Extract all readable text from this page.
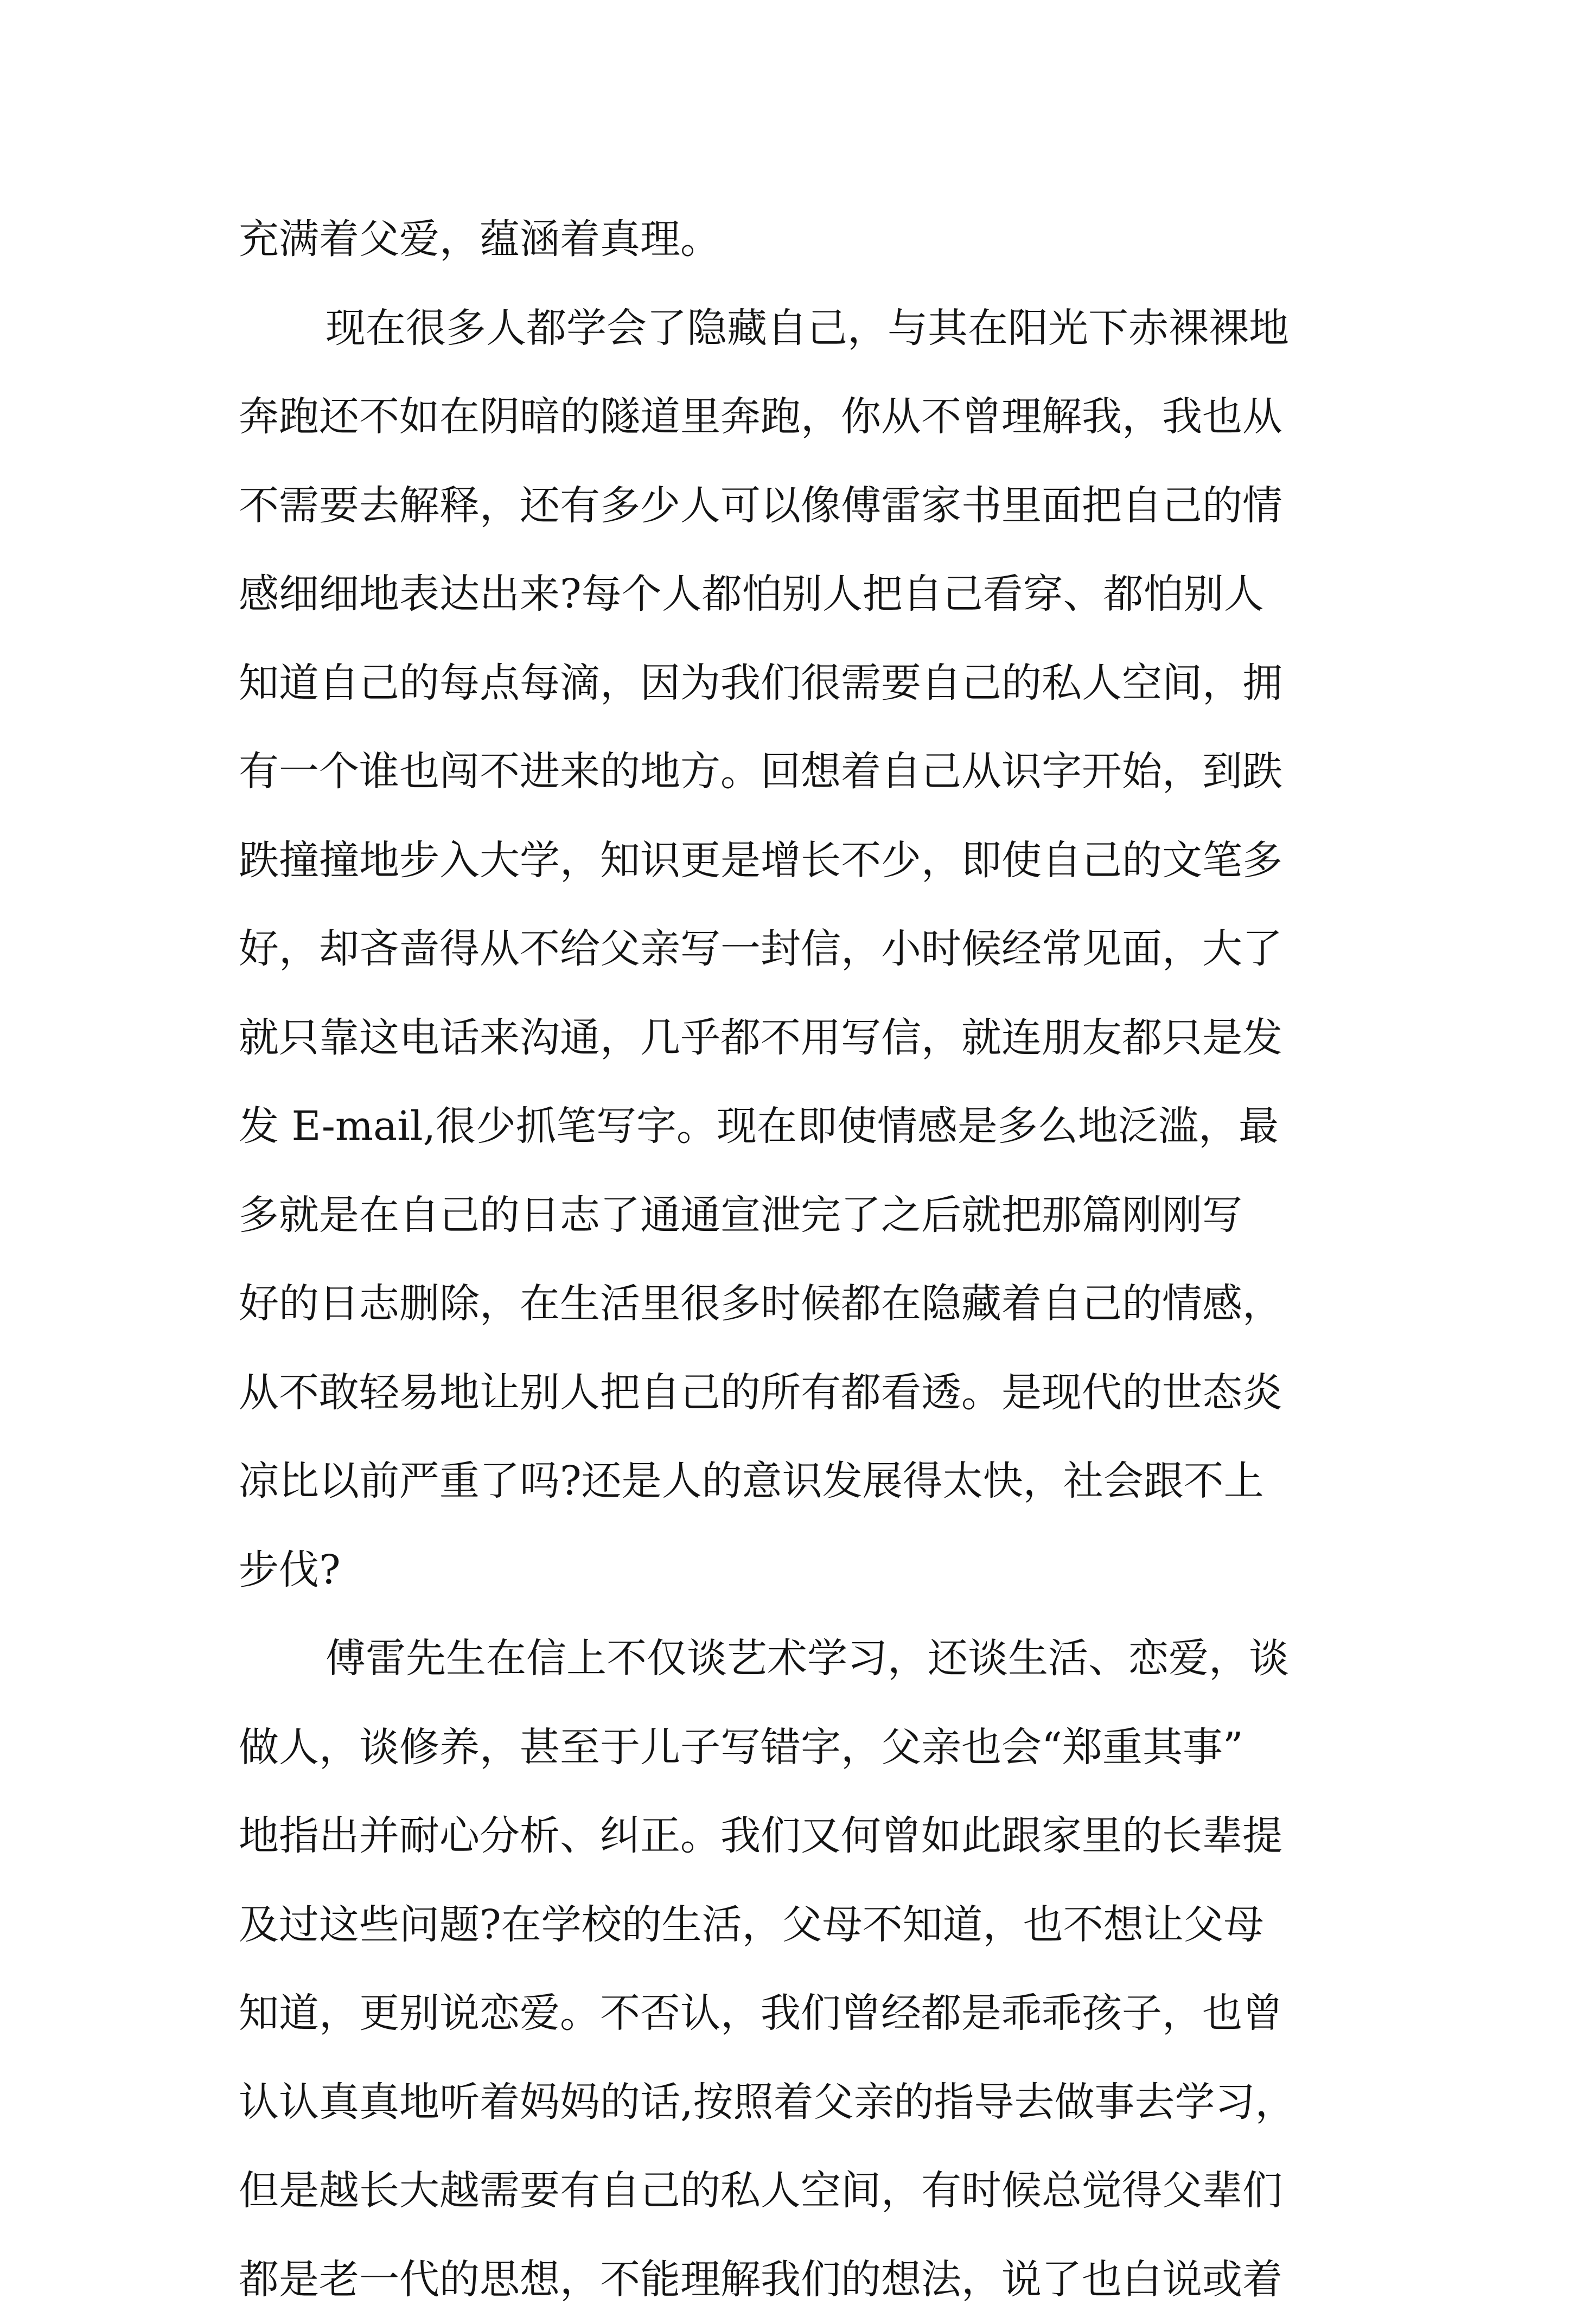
充满着父爱，蕴涵着真理。
现在很多人都学会了隐藏自己，与其在阳光下赤裸裸地
奔跑还不如在阴暗的隧道里奔跑，你从不曾理解我，我也从
不需要去解释，还有多少人可以像傅雷家书里面把自己的情
感细细地表达出来?每个人都怕别人把自己看穿、都怕别人
知道自己的每点每滴，因为我们很需要自己的私人空间，拥
有一个谁也闯不进来的地方。回想着自己从识字开始，到跌
跌撞撞地步入大学，知识更是增长不少，即使自己的文笔多
好，却吝啬得从不给父亲写一封信，小时候经常见面，大了
就只靠这电话来沟通，几乎都不用写信，就连朋友都只是发
发 E-mail,很少抓笔写字。现在即使情感是多么地泛滥，最
多就是在自己的日志了通通宣泄完了之后就把那篇刚刚写
好的日志删除，在生活里很多时候都在隐藏着自己的情感，
从不敢轻易地让别人把自己的所有都看透。是现代的世态炎
凉比以前严重了吗?还是人的意识发展得太快，社会跟不上
步伐?
傅雷先生在信上不仅谈艺术学习，还谈生活、恋爱，谈
做人，谈修养，甚至于儿子写错字，父亲也会“郑重其事”
地指出并耐心分析、纠正。我们又何曾如此跟家里的长辈提
及过这些问题?在学校的生活，父母不知道，也不想让父母
知道，更别说恋爱。不否认，我们曾经都是乖乖孩子，也曾
认认真真地听着妈妈的话,按照着父亲的指导去做事去学习，
但是越长大越需要有自己的私人空间，有时候总觉得父辈们
都是老一代的思想，不能理解我们的想法，说了也白说或着
